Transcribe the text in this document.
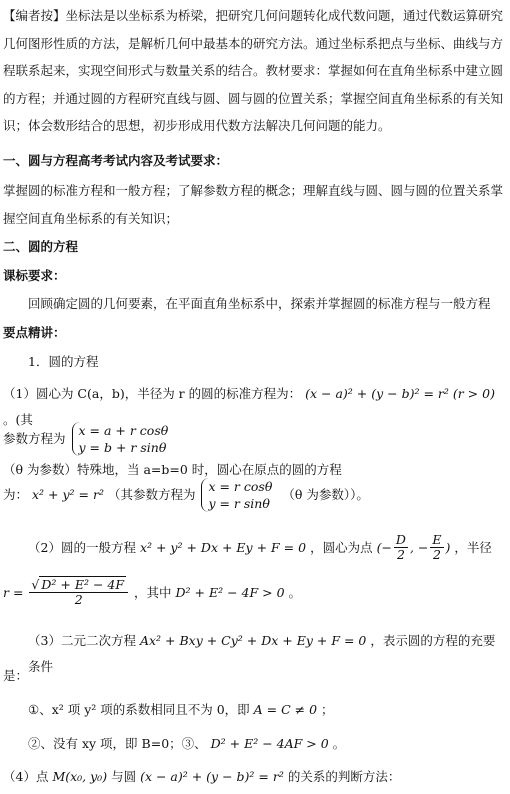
【编者按】坐标法是以坐标系为桥梁，把研究几何问题转化成代数问题，通过代数运算研究几何图形性质的方法，是解析几何中最基本的研究方法。通过坐标系把点与坐标、曲线与方程联系起来，实现空间形式与数量关系的结合。教材要求：掌握如何在直角坐标系中建立圆的方程；并通过圆的方程研究直线与圆、圆与圆的位置关系；掌握空间直角坐标系的有关知识；体会数形结合的思想，初步形成用代数方法解决几何问题的能力。
一、圆与方程高考考试内容及考试要求：
掌握圆的标准方程和一般方程；了解参数方程的概念；理解直线与圆、圆与圆的位置关系掌握空间直角坐标系的有关知识；
二、圆的方程
课标要求：
回顾确定圆的几何要素，在平面直角坐标系中，探索并掌握圆的标准方程与一般方程
要点精讲：
1．圆的方程
（1）圆心为 C(a，b)，半径为 r 的圆的标准方程为： (x − a)² + (y − b)² = r² (r > 0) 。(其
参数方程为
x = a + r cosθ
y = b + r sinθ
（θ 为参数）特殊地，当 a=b=0 时，圆心在原点的圆的方程
为： x² + y² = r² （其参数方程为
x = r cosθ
y = r sinθ
（θ 为参数））。
（2）圆的一般方程 x² + y² + Dx + Ey + F = 0 ，圆心为点 (− $\frac{D}{2}$ , − $\frac{E}{2}$ ) ，半径
$r = \frac{\text{√ D² + E² − 4F}}{2}$ ，其中 D² + E² − 4F > 0 。
（3）二元二次方程 Ax² + Bxy + Cy² + Dx + Ey + F = 0 ，表示圆的方程的充要条件
是：
①、x² 项 y² 项的系数相同且不为 0，即 A = C ≠ 0 ；
②、没有 xy 项，即 B=0；③、 D² + E² − 4AF > 0 。
（4）点 M(x₀, y₀) 与圆 (x − a)² + (y − b)² = r² 的关系的判断方法：
